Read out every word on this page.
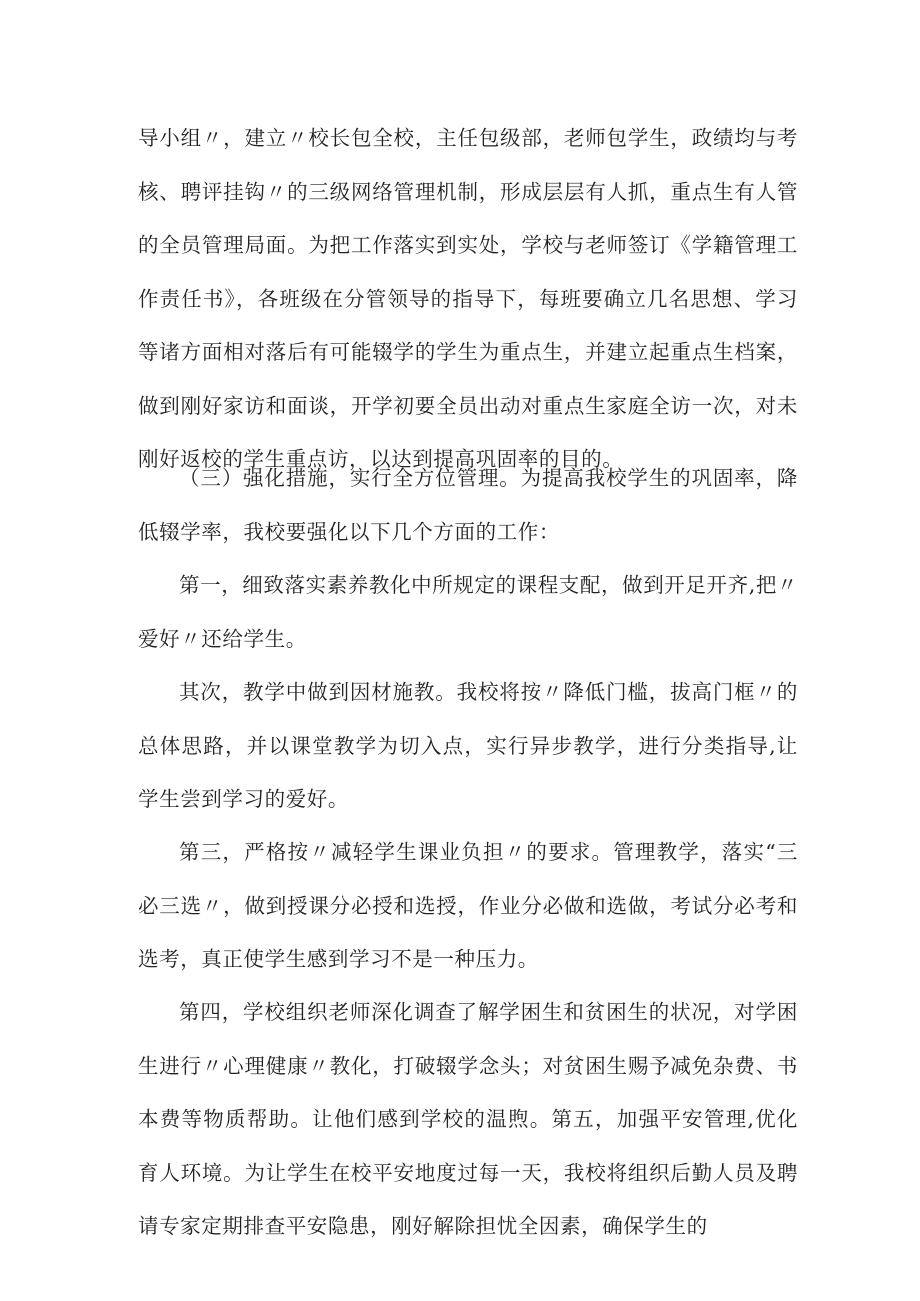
导小组〃，建立〃校长包全校，主任包级部，老师包学生，政绩均与考核、聘评挂钩〃的三级网络管理机制，形成层层有人抓，重点生有人管的全员管理局面。为把工作落实到实处，学校与老师签订《学籍管理工作责任书》，各班级在分管领导的指导下，每班要确立几名思想、学习等诸方面相对落后有可能辍学的学生为重点生，并建立起重点生档案，做到刚好家访和面谈，开学初要全员出动对重点生家庭全访一次，对未刚好返校的学生重点访，以达到提高巩固率的目的。

（三）强化措施，实行全方位管理。为提高我校学生的巩固率，降低辍学率，我校要强化以下几个方面的工作：

第一，细致落实素养教化中所规定的课程支配，做到开足开齐,把〃爱好〃还给学生。

其次，教学中做到因材施教。我校将按〃降低门槛，拔高门框〃的总体思路，并以课堂教学为切入点，实行异步教学，进行分类指导,让学生尝到学习的爱好。

第三，严格按〃减轻学生课业负担〃的要求。管理教学，落实“三必三选〃，做到授课分必授和选授，作业分必做和选做，考试分必考和选考，真正使学生感到学习不是一种压力。

第四，学校组织老师深化调查了解学困生和贫困生的状况，对学困生进行〃心理健康〃教化，打破辍学念头；对贫困生赐予减免杂费、书本费等物质帮助。让他们感到学校的温煦。第五，加强平安管理,优化育人环境。为让学生在校平安地度过每一天，我校将组织后勤人员及聘请专家定期排查平安隐患，刚好解除担忧全因素，确保学生的
